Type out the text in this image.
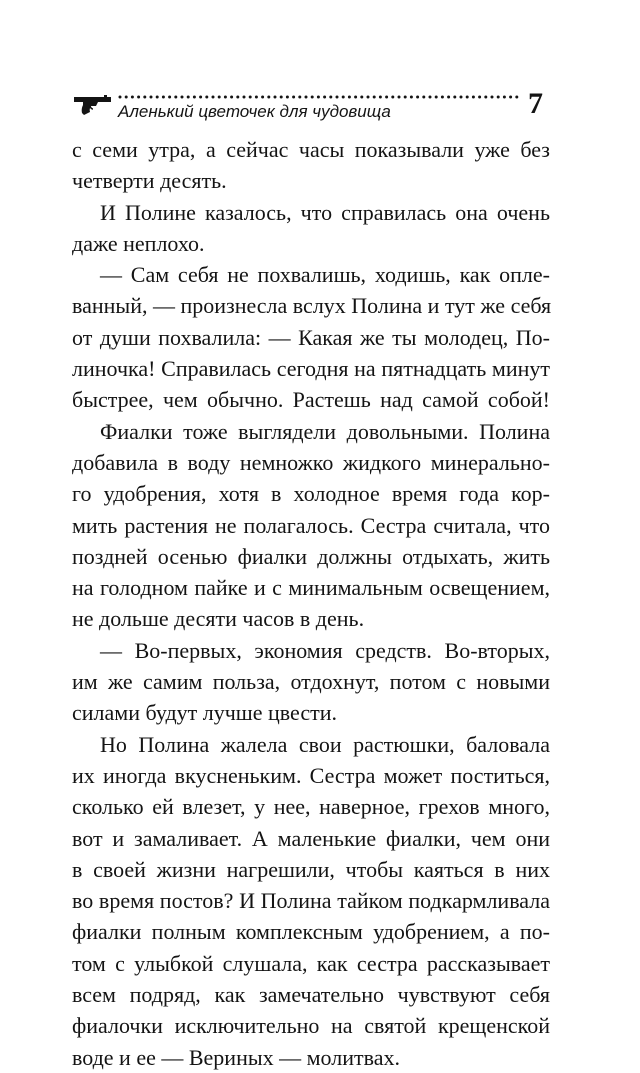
Аленький цветочек для чудовища	7
с семи утра, а сейчас часы показывали уже без
четверти десять.
И Полине казалось, что справилась она очень
даже неплохо.
— Сам себя не похвалишь, ходишь, как опле-
ванный, — произнесла вслух Полина и тут же себя
от души похвалила: — Какая же ты молодец, По-
линочка! Справилась сегодня на пятнадцать минут
быстрее, чем обычно. Растешь над самой собой!
Фиалки тоже выглядели довольными. Полина
добавила в воду немножко жидкого минерально-
го удобрения, хотя в холодное время года кор-
мить растения не полагалось. Сестра считала, что
поздней осенью фиалки должны отдыхать, жить
на голодном пайке и с минимальным освещением,
не дольше десяти часов в день.
— Во-первых, экономия средств. Во-вторых,
им же самим польза, отдохнут, потом с новыми
силами будут лучше цвести.
Но Полина жалела свои растюшки, баловала
их иногда вкусненьким. Сестра может поститься,
сколько ей влезет, у нее, наверное, грехов много,
вот и замаливает. А маленькие фиалки, чем они
в своей жизни нагрешили, чтобы каяться в них
во время постов? И Полина тайком подкармливала
фиалки полным комплексным удобрением, а по-
том с улыбкой слушала, как сестра рассказывает
всем подряд, как замечательно чувствуют себя
фиалочки исключительно на святой крещенской
воде и ее — Вериных — молитвах.
